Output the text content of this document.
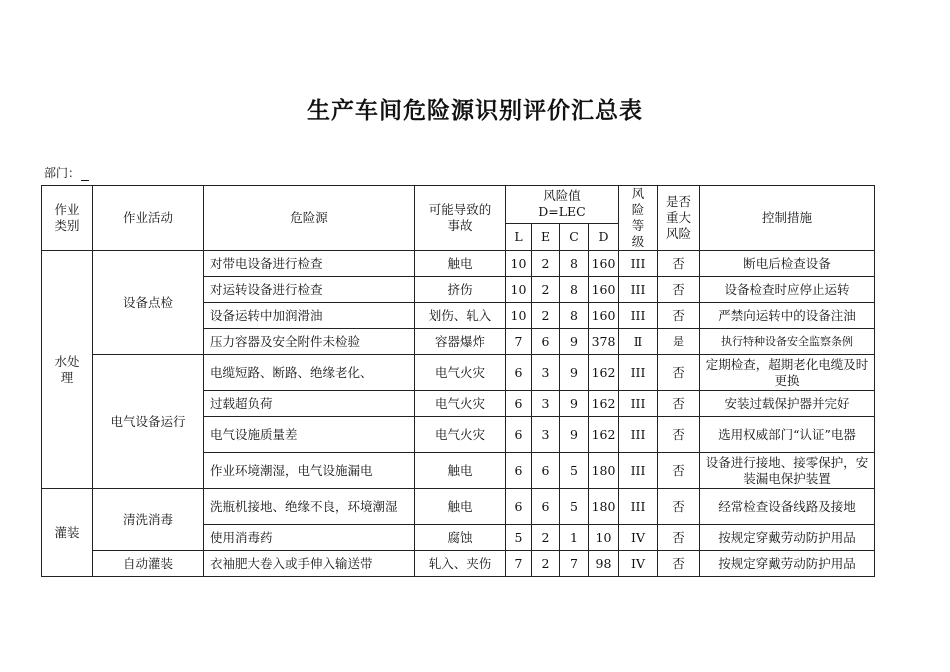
生产车间危险源识别评价汇总表
部门：
作业类别	作业活动	危险源	可能导致的事故	风险值D=LEC				风险等级	是否重大风险	控制措施
				L	E	C	D			
水处理	设备点检	对带电设备进行检查	触电	10	2	8	160	III	否	断电后检查设备
		对运转设备进行检查	挤伤	10	2	8	160	III	否	设备检查时应停止运转
		设备运转中加润滑油	划伤、轧入	10	2	8	160	III	否	严禁向运转中的设备注油
		压力容器及安全附件未检验	容器爆炸	7	6	9	378	Ⅱ	是	执行特种设备安全监察条例
	电气设备运行	电缆短路、断路、绝缘老化、	电气火灾	6	3	9	162	III	否	定期检查，超期老化电缆及时更换
		过载超负荷	电气火灾	6	3	9	162	III	否	安装过载保护器并完好
		电气设施质量差	电气火灾	6	3	9	162	III	否	选用权威部门“认证”电器
		作业环境潮湿，电气设施漏电	触电	6	6	5	180	III	否	设备进行接地、接零保护，安装漏电保护装置
灌装	清洗消毒	洗瓶机接地、绝缘不良，环境潮湿	触电	6	6	5	180	III	否	经常检查设备线路及接地
		使用消毒药	腐蚀	5	2	1	10	IV	否	按规定穿戴劳动防护用品
	自动灌装	衣袖肥大卷入或手伸入输送带	轧入、夹伤	7	2	7	98	IV	否	按规定穿戴劳动防护用品
